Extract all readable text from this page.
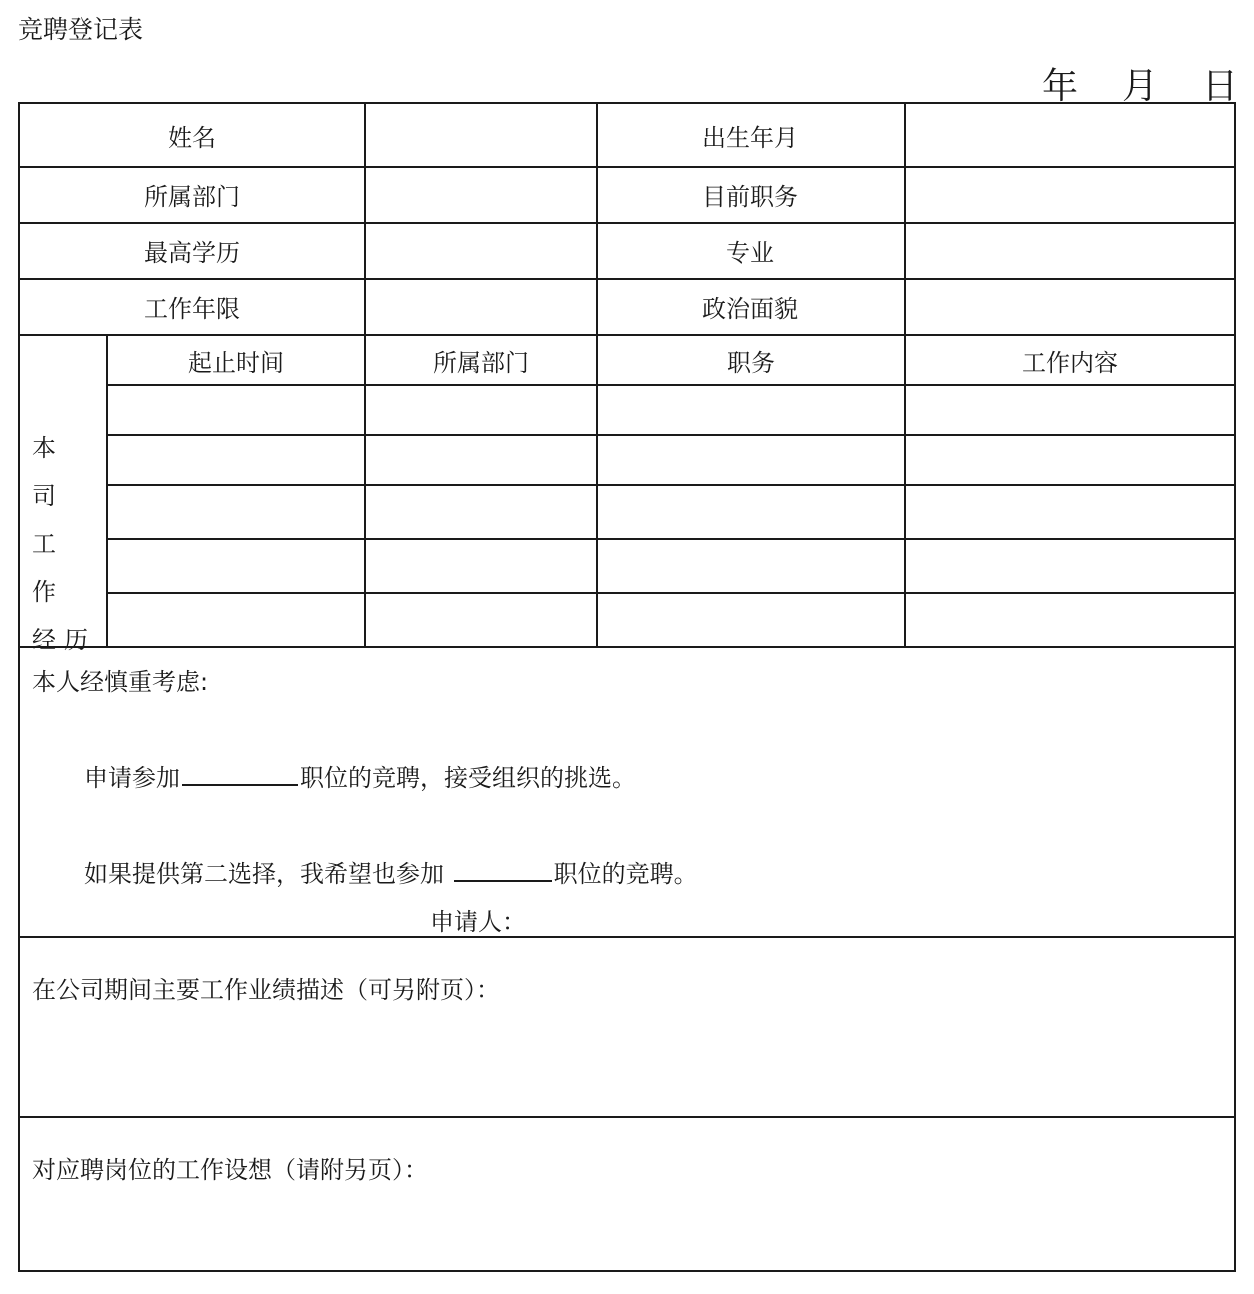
竞聘登记表
年 月 日
姓名	出生年月
所属部门	目前职务
最高学历	专业
工作年限	政治面貌
本 司
工 作
经历
起止时间	所属部门	职务	工作内容
本人经慎重考虑:
申请参加	职位的竞聘，接受组织的挑选。
如果提供第二选择，我希望也参加	职位的竞聘。
申请人：
在公司期间主要工作业绩描述（可另附页）：
对应聘岗位的工作设想（请附另页）：
